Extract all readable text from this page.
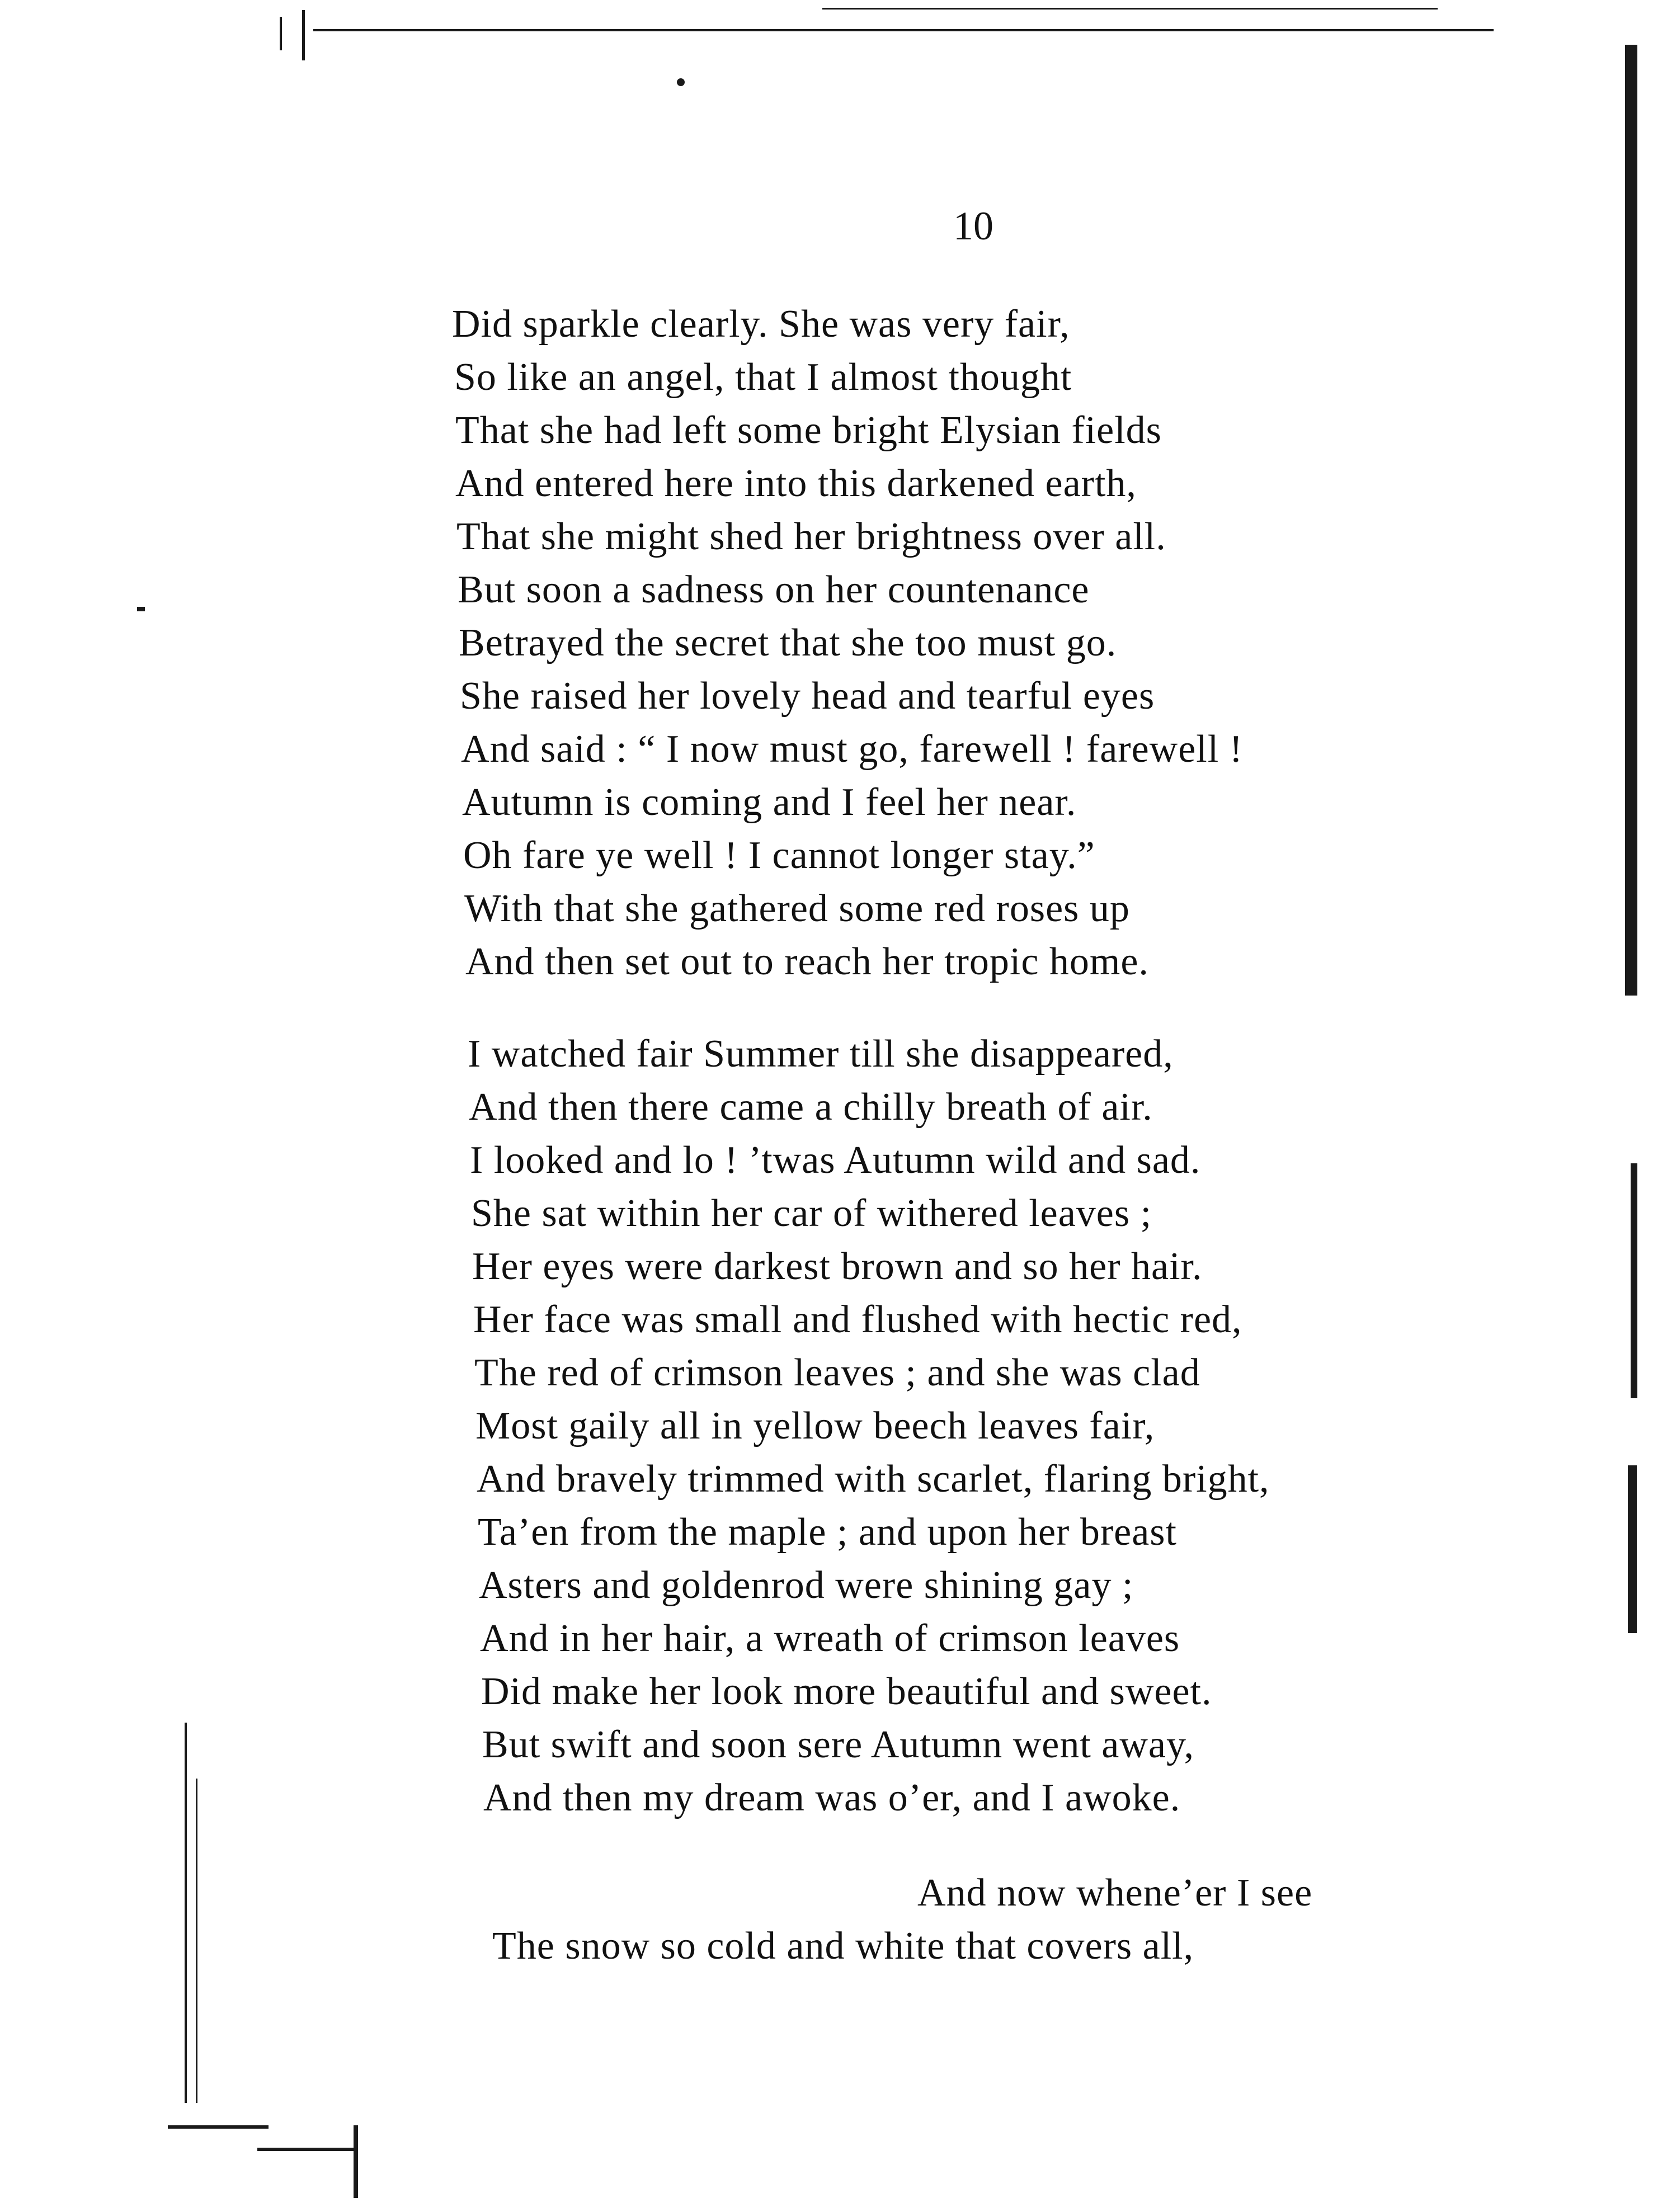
10
Did sparkle clearly. She was very fair,
So like an angel, that I almost thought
That she had left some bright Elysian fields
And entered here into this darkened earth,
That she might shed her brightness over all.
But soon a sadness on her countenance
Betrayed the secret that she too must go.
She raised her lovely head and tearful eyes
And said : “ I now must go, farewell ! farewell !
Autumn is coming and I feel her near.
Oh fare ye well ! I cannot longer stay.”
With that she gathered some red roses up
And then set out to reach her tropic home.
I watched fair Summer till she disappeared,
And then there came a chilly breath of air.
I looked and lo ! ’twas Autumn wild and sad.
She sat within her car of withered leaves ;
Her eyes were darkest brown and so her hair.
Her face was small and flushed with hectic red,
The red of crimson leaves ; and she was clad
Most gaily all in yellow beech leaves fair,
And bravely trimmed with scarlet, flaring bright,
Ta’en from the maple ; and upon her breast
Asters and goldenrod were shining gay ;
And in her hair, a wreath of crimson leaves
Did make her look more beautiful and sweet.
But swift and soon sere Autumn went away,
And then my dream was o’er, and I awoke.
And now whene’er I see
The snow so cold and white that covers all,
